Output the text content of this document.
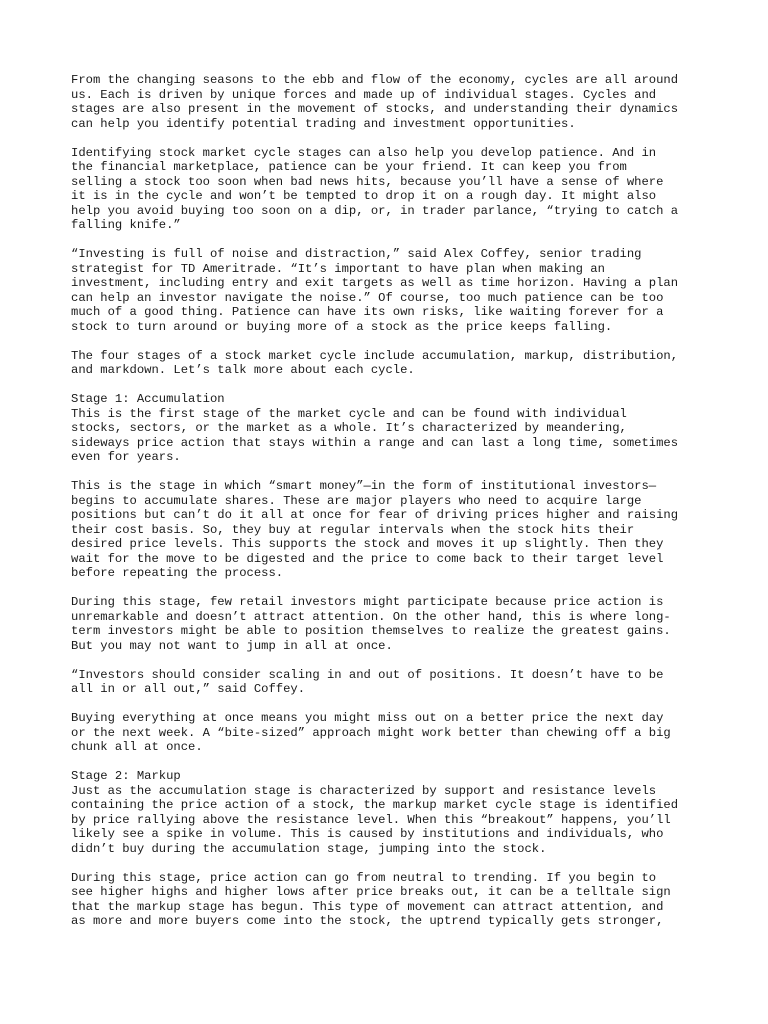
From the changing seasons to the ebb and flow of the economy, cycles are all around
us. Each is driven by unique forces and made up of individual stages. Cycles and
stages are also present in the movement of stocks, and understanding their dynamics
can help you identify potential trading and investment opportunities.

Identifying stock market cycle stages can also help you develop patience. And in
the financial marketplace, patience can be your friend. It can keep you from
selling a stock too soon when bad news hits, because you’ll have a sense of where
it is in the cycle and won’t be tempted to drop it on a rough day. It might also
help you avoid buying too soon on a dip, or, in trader parlance, “trying to catch a
falling knife.”

“Investing is full of noise and distraction,” said Alex Coffey, senior trading
strategist for TD Ameritrade. “It’s important to have plan when making an
investment, including entry and exit targets as well as time horizon. Having a plan
can help an investor navigate the noise.” Of course, too much patience can be too
much of a good thing. Patience can have its own risks, like waiting forever for a
stock to turn around or buying more of a stock as the price keeps falling.

The four stages of a stock market cycle include accumulation, markup, distribution,
and markdown. Let’s talk more about each cycle.

Stage 1: Accumulation

This is the first stage of the market cycle and can be found with individual
stocks, sectors, or the market as a whole. It’s characterized by meandering,
sideways price action that stays within a range and can last a long time, sometimes
even for years.

This is the stage in which “smart money”—in the form of institutional investors—
begins to accumulate shares. These are major players who need to acquire large
positions but can’t do it all at once for fear of driving prices higher and raising
their cost basis. So, they buy at regular intervals when the stock hits their
desired price levels. This supports the stock and moves it up slightly. Then they
wait for the move to be digested and the price to come back to their target level
before repeating the process.

During this stage, few retail investors might participate because price action is
unremarkable and doesn’t attract attention. On the other hand, this is where long-
term investors might be able to position themselves to realize the greatest gains.
But you may not want to jump in all at once.

“Investors should consider scaling in and out of positions. It doesn’t have to be
all in or all out,” said Coffey.

Buying everything at once means you might miss out on a better price the next day
or the next week. A “bite-sized” approach might work better than chewing off a big
chunk all at once.

Stage 2: Markup

Just as the accumulation stage is characterized by support and resistance levels
containing the price action of a stock, the markup market cycle stage is identified
by price rallying above the resistance level. When this “breakout” happens, you’ll
likely see a spike in volume. This is caused by institutions and individuals, who
didn’t buy during the accumulation stage, jumping into the stock.

During this stage, price action can go from neutral to trending. If you begin to
see higher highs and higher lows after price breaks out, it can be a telltale sign
that the markup stage has begun. This type of movement can attract attention, and
as more and more buyers come into the stock, the uptrend typically gets stronger,
